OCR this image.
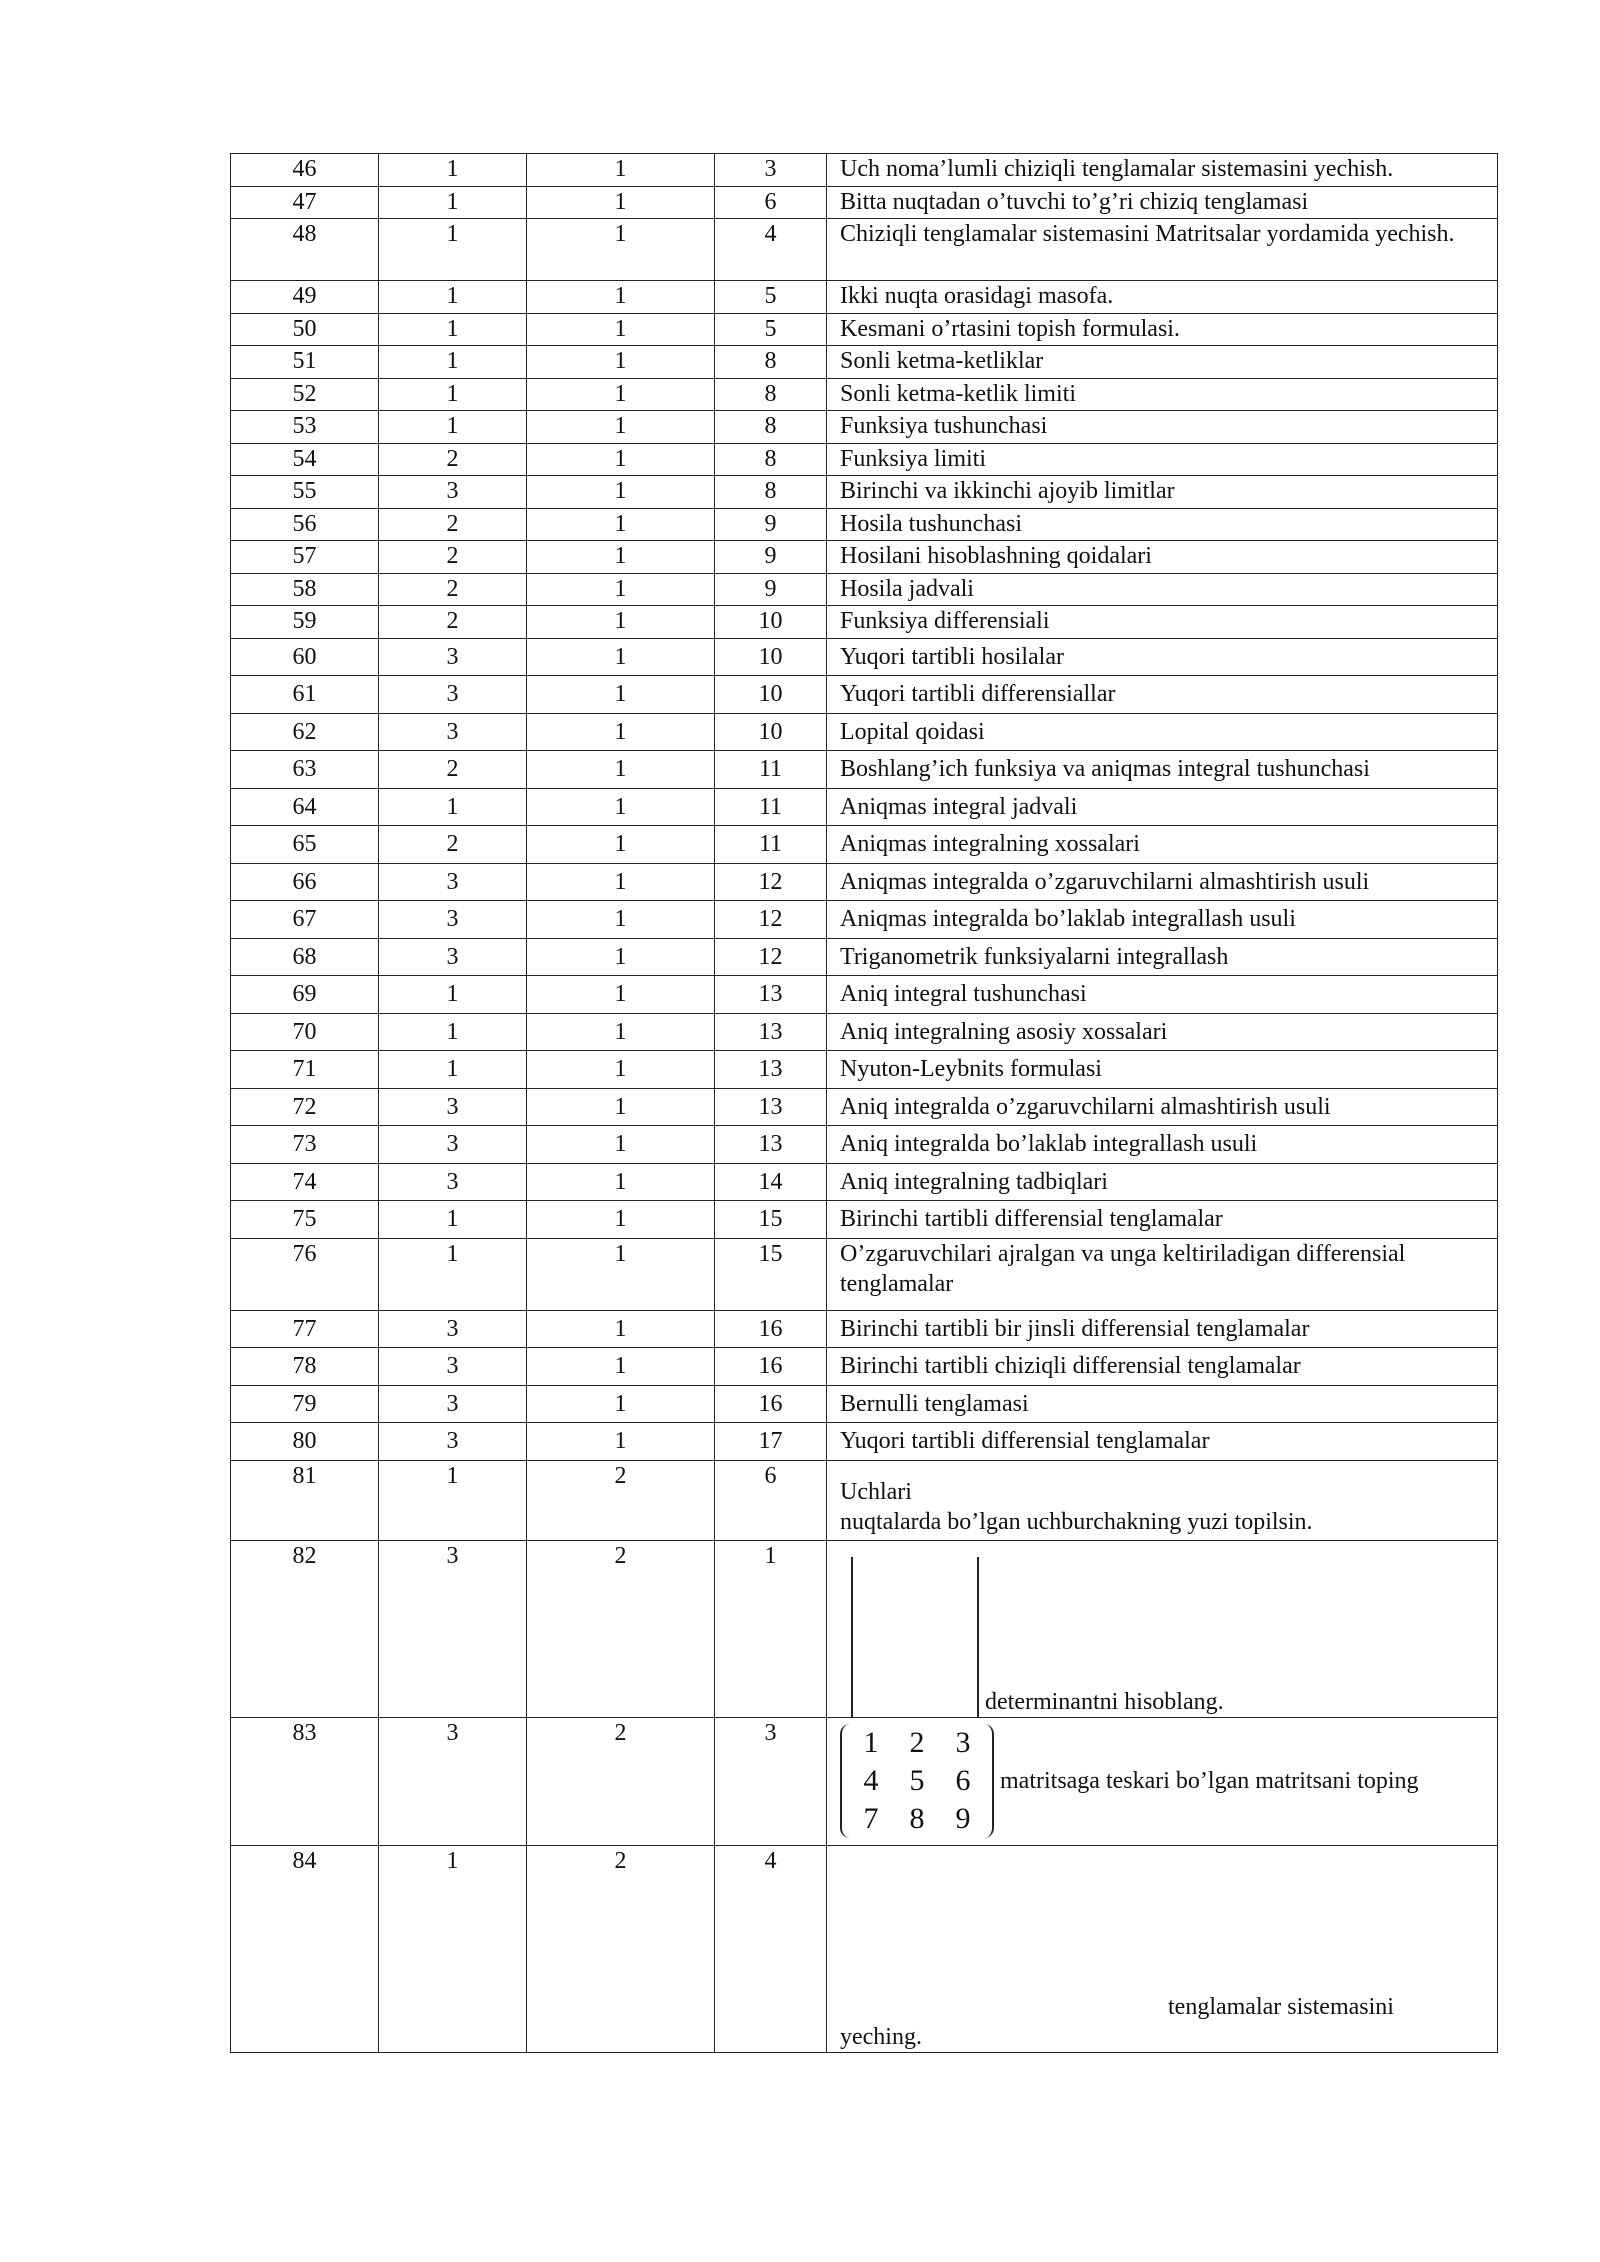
46	1	1	3	Uch noma’lumli chiziqli tenglamalar sistemasini yechish.
47	1	1	6	Bitta nuqtadan o’tuvchi to’g’ri chiziq tenglamasi
48	1	1	4	Chiziqli tenglamalar sistemasini Matritsalar yordamida yechish.
49	1	1	5	Ikki nuqta orasidagi masofa.
50	1	1	5	Kesmani o’rtasini topish formulasi.
51	1	1	8	Sonli ketma-ketliklar
52	1	1	8	Sonli ketma-ketlik limiti
53	1	1	8	Funksiya tushunchasi
54	2	1	8	Funksiya limiti
55	3	1	8	Birinchi va ikkinchi ajoyib limitlar
56	2	1	9	Hosila tushunchasi
57	2	1	9	Hosilani hisoblashning qoidalari
58	2	1	9	Hosila jadvali
59	2	1	10	Funksiya differensiali
60	3	1	10	Yuqori tartibli hosilalar
61	3	1	10	Yuqori tartibli differensiallar
62	3	1	10	Lopital qoidasi
63	2	1	11	Boshlang’ich funksiya va aniqmas integral tushunchasi
64	1	1	11	Aniqmas integral jadvali
65	2	1	11	Aniqmas integralning xossalari
66	3	1	12	Aniqmas integralda o’zgaruvchilarni almashtirish usuli
67	3	1	12	Aniqmas integralda bo’laklab integrallash usuli
68	3	1	12	Triganometrik funksiyalarni integrallash
69	1	1	13	Aniq integral tushunchasi
70	1	1	13	Aniq integralning asosiy xossalari
71	1	1	13	Nyuton-Leybnits formulasi
72	3	1	13	Aniq integralda o’zgaruvchilarni almashtirish usuli
73	3	1	13	Aniq integralda bo’laklab integrallash usuli
74	3	1	14	Aniq integralning tadbiqlari
75	1	1	15	Birinchi tartibli differensial tenglamalar
76	1	1	15	O’zgaruvchilari ajralgan va unga keltiriladigan differensial tenglamalar
77	3	1	16	Birinchi tartibli bir jinsli differensial tenglamalar
78	3	1	16	Birinchi tartibli chiziqli differensial tenglamalar
79	3	1	16	Bernulli tenglamasi
80	3	1	17	Yuqori tartibli differensial tenglamalar
81	1	2	6	Uchlari
nuqtalarda bo’lgan uchburchakning yuzi topilsin.

82	3	2	1	determinantni hisoblang.
83	3	2	3	1 2 3
4 5 6
7 8 9
matritsaga teskari bo’lgan matritsani toping
84	1	2	4	tenglamalar sistemasini
yeching.
